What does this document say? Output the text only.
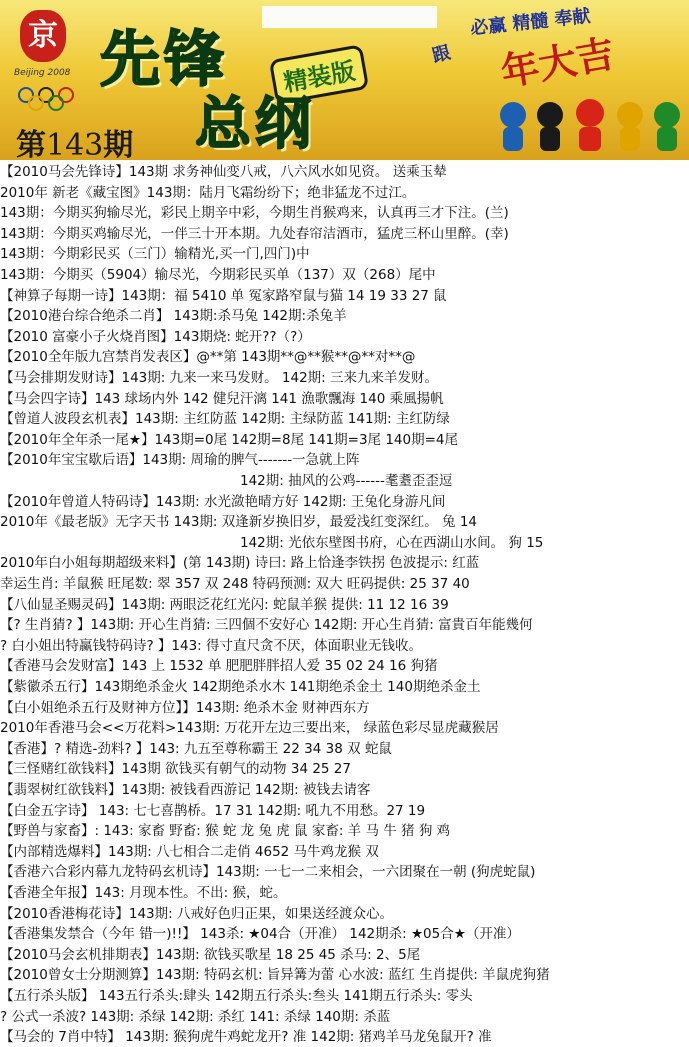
京
Beijing 2008 先锋	精装版
总纲
第143期
必赢 精髓 奉献
跟 年大吉
【2010马会先锋诗】143期 求务神仙变八戒，八六风水如见资。 送乘玉辇
2010年 新老《藏宝图》143期：陆月飞霜纷纷下；绝非猛龙不过江。
143期：今期买狗输尽光，彩民上期辛中彩，今期生肖猴鸡来，认真再三才下注。(兰)
143期：今期买鸡输尽光，一伴三十开本期。九处春帘洁酒市，猛虎三杯山里醉。(幸)
143期：今期彩民买（三门）输精光,买一门,四门)中
143期：今期买（5904）输尽光，今期彩民买单（137）双（268）尾中
【神算子每期一诗】143期：福 5410 单 冤家路窄鼠与猫 14 19 33 27 鼠
【2010港台综合绝杀二肖】 143期:杀马兔 142期:杀兔羊
【2010 富豪小子火烧肖图】143期烧: 蛇开??（?）
【2010全年版九宫禁肖发表区】@**第 143期**@**猴**@**对**@
【马会排期发财诗】143期: 九来一来马发财。 142期: 三来九来羊发财。
【马会四字诗】143 球场内外 142 健兒汗漓 141 漁歌飄海 140 乘風揚帆
【曾道人波段玄机表】143期: 主红防蓝 142期: 主绿防蓝 141期: 主红防绿
【2010年全年杀一尾★】143期=0尾 142期=8尾 141期=3尾 140期=4尾
【2010年宝宝歇后语】143期: 周瑜的脾气-------一急就上阵
142期: 抽风的公鸡------耄耋歪歪逗
【2010年曾道人特码诗】143期: 水光潋艳晴方好 142期: 王兔化身游凡间
2010年《最老版》无字天书 143期: 双逢新岁换旧岁，最爱浅红变深红。 兔 14
142期: 光依东壁图书府，心在西湖山水间。 狗 15
2010年白小姐每期超级来料】(第 143期) 诗曰: 路上恰逢李铁拐 色波提示: 红蓝
幸运生肖: 羊鼠猴 旺尾数: 翠 357 双 248 特码预测: 双大 旺码提供: 25 37 40
【八仙显圣赐灵码】143期: 两眼泛花红光闪: 蛇鼠羊猴 提供: 11 12 16 39
【? 生肖猜? 】143期: 开心生肖猜: 三四個不安好心 142期: 开心生肖猜: 富貴百年能幾何
? 白小姐出特赢钱特码诗? 】143: 得寸直尺贪不厌，体面职业无钱收。
【香港马会发财富】143 上 1532 单 肥肥胖胖招人爱 35 02 24 16 狗猪
【紫徽杀五行】143期绝杀金火 142期绝杀水木 141期绝杀金土 140期绝杀金土
【白小姐绝杀五行及财神方位】】143期: 绝杀木金 财神西东方
2010年香港马会<<万花料>143期: 万花开左边三要出来， 绿蓝色彩尽显虎藏猴居
【香港】? 精选-劲料? 】143: 九五至尊称霸王 22 34 38 双 蛇鼠
【三怪赌红欲钱料】143期 欲钱买有朝气的动物 34 25 27
【翡翠树红欲钱料】143期: 被钱看西游记 142期: 被钱去请客
【白金五字诗】 143: 七七喜鹊桥。17 31 142期: 吼九不用愁。27 19
【野兽与家畜】: 143: 家畜 野畜: 猴 蛇 龙 兔 虎 鼠 家畜: 羊 马 牛 猪 狗 鸡
【内部精选爆料】143期: 八七相合二走俏 4652 马牛鸡龙猴 双
【香港六合彩内幕九龙特码玄机诗】143期: 一七一二来相会，一六团聚在一朝 (狗虎蛇鼠)
【香港全年报】143: 月现本性。不出: 猴，蛇。
【2010香港梅花诗】143期: 八戒好色归正果，如果送经渡众心。
【香港集发禁合（今年 错一)!!】 143杀: ★04合（开准） 142期杀: ★05合★（开准）
【2010马会玄机排期表】143期: 欲钱买歌星 18 25 45 杀马: 2、5尾
【2010曾女士分期测算】143期: 特码玄机: 旨异篝为蕾 心水波: 蓝红 生肖提供: 羊鼠虎狗猪
【五行杀头版】 143五行杀头:肆头 142期五行杀头:叁头 141期五行杀头: 零头
? 公式一杀波? 143期: 杀绿 142期: 杀红 141: 杀绿 140期: 杀蓝
【马会的 7肖中特】 143期: 猴狗虎牛鸡蛇龙开? 准 142期: 猪鸡羊马龙兔鼠开? 准
